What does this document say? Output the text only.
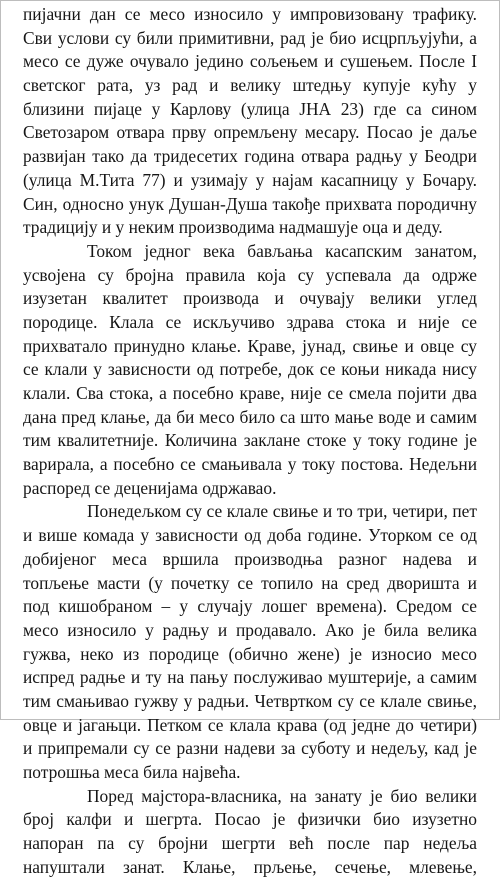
пијачни дан се месо износило у импровизовану трафику.
Сви услови су били примитивни, рад је био исцрпљујући, а
месо се дуже очувало једино сољењем и сушењем. После I
светског рата, уз рад и велику штедњу купује кућу у
близини пијаце у Карлову (улица ЈНА 23) где са сином
Светозаром отвара прву опремљену месару. Посао је даље
развијан тако да тридесетих година отвара радњу у Беодри
(улица М.Тита 77) и узимају у најам касапницу у Бочару.
Син, односно унук Душан-Душа такође прихвата породичну
традицију и у неким производима надмашује оца и деду.
Током једног века бављања касапским занатом,
усвојена су бројна правила која су успевала да одрже
изузетан квалитет производа и очувају велики углед
породице. Клала се искључиво здрава стока и није се
прихватало принудно клање. Краве, јунад, свиње и овце су
се клали у зависности од потребе, док се коњи никада нису
клали. Сва стока, а посебно краве, није се смела појити два
дана пред клање, да би месо било са што мање воде и самим
тим квалитетније. Количина заклане стоке у току године је
варирала, а посебно се смањивала у току постова. Недељни
распоред се деценијама одржавао.
Понедељком су се клале свиње и то три, четири, пет
и више комада у зависности од доба године. Уторком се од
добијеног меса вршила производња разног надева и
топљење масти (у почетку се топило на сред дворишта и
под кишобраном – у случају лошег времена). Средом се
месо износило у радњу и продавало. Ако је била велика
гужва, неко из породице (обично жене) је износио месо
испред радње и ту на пању послуживао муштерије, а самим
тим смањивао гужву у радњи. Четвртком су се клале свиње,
овце и јагањци. Петком се клала крава (од једне до четири)
и припремали су се разни надеви за суботу и недељу, кад је
потрошња меса била највећа.
Поред мајстора-власника, на занату је био велики
број калфи и шегрта. Посао је физички био изузетно
напоран па су бројни шегрти већ после пар недеља
напуштали занат. Клање, прљење, сечење, млевење,
